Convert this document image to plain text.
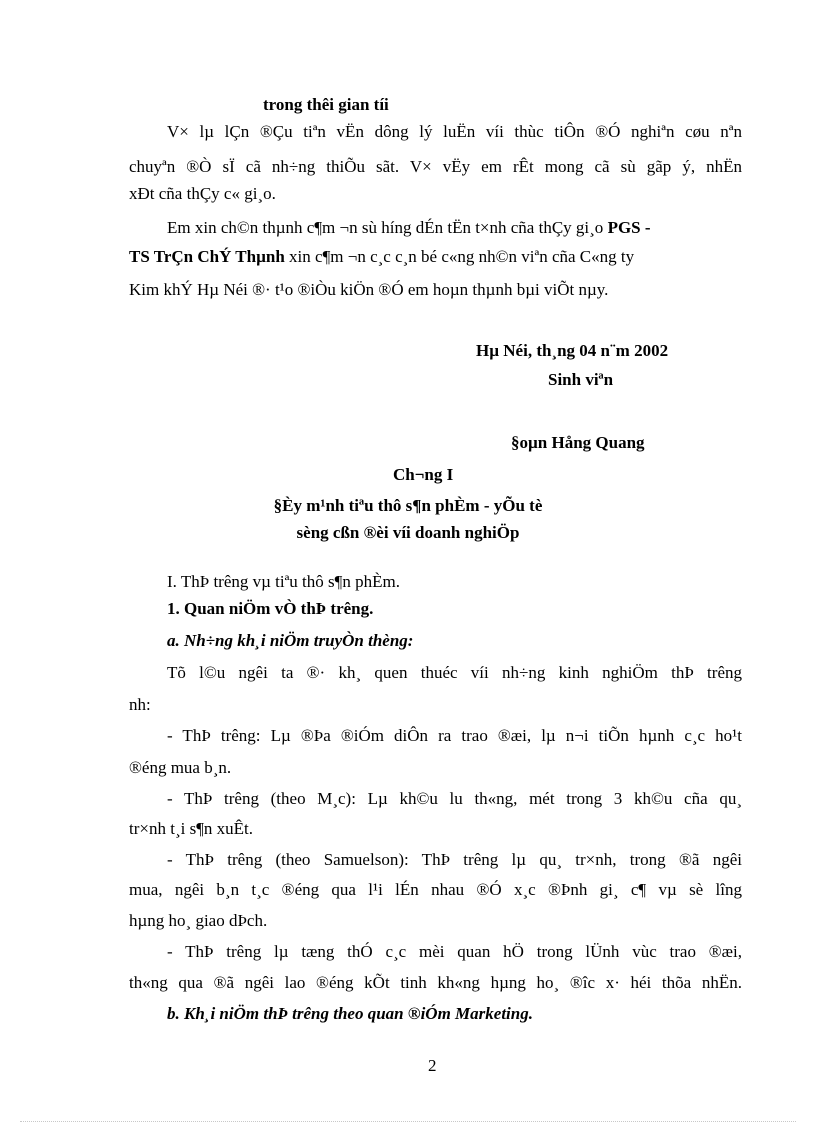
trong thêi gian tíi
V× lµ lÇn ®Çu tiªn vËn dông lý luËn víi thùc tiÔn ®Ó nghiªn cøu nªn
chuyªn ®Ò sÏ cã nh÷ng thiÕu sãt. V× vËy em rÊt mong cã sù gãp ý, nhËn
xÐt cña thÇy c« gi¸o.
Em xin ch©n thµnh c¶m ¬n sù híng dÉn tËn t×nh cña thÇy gi¸o PGS -
TS TrÇn ChÝ Thµnh xin c¶m ¬n c¸c c¸n bé c«ng nh©n viªn cña C«ng ty
Kim khÝ Hµ Néi ®· t¹o ®iÒu kiÖn ®Ó em hoµn thµnh bµi viÕt nµy.
Hµ Néi, th¸ng 04 n¨m 2002
Sinh viªn
§oµn Hång Quang
Ch¬ng I
§Èy m¹nh tiªu thô s¶n phÈm - yÕu tè
sèng cßn ®èi víi doanh nghiÖp
I. ThÞ trêng vµ tiªu thô s¶n phÈm.
1. Quan niÖm vÒ thÞ trêng.
a. Nh÷ng kh¸i niÖm truyÒn thèng:
Tõ l©u ngêi ta ®· kh¸ quen thuéc víi nh÷ng kinh nghiÖm thÞ trêng
nh:
- ThÞ trêng: Lµ ®Þa ®iÓm diÔn ra trao ®æi, lµ n¬i tiÕn hµnh c¸c ho¹t
®éng mua b¸n.
- ThÞ trêng (theo M¸c): Lµ kh©u lu th«ng, mét trong 3 kh©u cña qu¸
tr×nh t¸i s¶n xuÊt.
- ThÞ trêng (theo Samuelson): ThÞ trêng lµ qu¸ tr×nh, trong ®ã ngêi
mua, ngêi b¸n t¸c ®éng qua l¹i lÉn nhau ®Ó x¸c ®Þnh gi¸ c¶ vµ sè lîng
hµng ho¸ giao dÞch.
- ThÞ trêng lµ tæng thÓ c¸c mèi quan hÖ trong lÜnh vùc trao ®æi,
th«ng qua ®ã ngêi lao ®éng kÕt tinh kh«ng hµng ho¸ ®îc x· héi thõa nhËn.
b. Kh¸i niÖm thÞ trêng theo quan ®iÓm Marketing.
2
